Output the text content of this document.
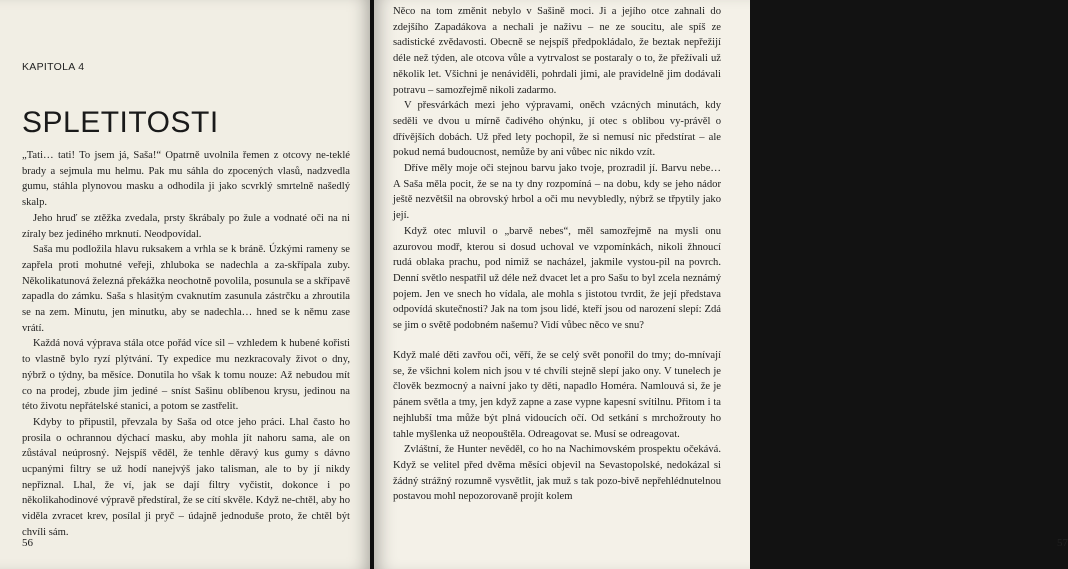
KAPITOLA 4
SPLETITOSTI

„Tati… tati! To jsem já, Saša!“ Opatrně uvolnila řemen z otcovy ne-teklé brady a sejmula mu helmu. Pak mu sáhla do zpocených vlasů, nadzvedla gumu, stáhla plynovou masku a odhodila ji jako scvrklý smrtelně našedlý skalp.

Jeho hruď se ztěžka zvedala, prsty škrábaly po žule a vodnaté oči na ni zíraly bez jediného mrknutí. Neodpovídal.

Saša mu podložila hlavu ruksakem a vrhla se k bráně. Úzkými rameny se zapřela proti mohutné veřeji, zhluboka se nadechla a za-skřípala zuby. Několikatunová železná překážka neochotně povolila, posunula se a skřípavě zapadla do zámku. Saša s hlasitým cvaknutím zasunula zástrčku a zhroutila se na zem. Minutu, jen minutku, aby se nadechla… hned se k němu zase vrátí.

Každá nová výprava stála otce pořád více sil – vzhledem k hubené kořisti to vlastně bylo ryzí plýtvání. Ty expedice mu nezkracovaly život o dny, nýbrž o týdny, ba měsíce. Donutila ho však k tomu nouze: Až nebudou mít co na prodej, zbude jim jediné – sníst Sašinu oblíbenou krysu, jedinou na této životu nepřátelské stanici, a potom se zastřelit.

Kdyby to připustil, převzala by Saša od otce jeho práci. Lhal často ho prosila o ochrannou dýchací masku, aby mohla jít nahoru sama, ale on zůstával neúprosný. Nejspíš věděl, že tenhle děravý kus gumy s dávno ucpanými filtry se už hodí nanejvýš jako talisman, ale to by jí nikdy nepřiznal. Lhal, že ví, jak se dají filtry vyčistit, dokonce i po několikahodinové výpravě předstíral, že se cítí skvěle. Když ne-chtěl, aby ho viděla zvracet krev, posílal ji pryč – údajně jednoduše proto, že chtěl být chvíli sám.

56	57

Něco na tom změnit nebylo v Sašině moci. Ji a jejího otce zahnali do zdejšího Zapadákova a nechali je naživu – ne ze soucitu, ale spíš ze sadistické zvědavosti. Obecně se nejspíš předpokládalo, že beztak nepřežijí déle než týden, ale otcova vůle a vytrvalost se postaraly o to, že přežívali už několik let. Všichni je nenáviděli, pohrdali jimi, ale pravidelně jim dodávali potravu – samozřejmě nikoli zadarmo.

V přesvárkách mezi jeho výpravami, oněch vzácných minutách, kdy seděli ve dvou u mírně čadivého ohýnku, jí otec s oblibou vy-právěl o dřívějších dobách. Už před lety pochopil, že si nemusí nic předstírat – ale pokud nemá budoucnost, nemůže by ani vůbec nic nikdo vzít.

Dříve měly moje oči stejnou barvu jako tvoje, prozradil jí. Barvu nebe… A Saša měla pocit, že se na ty dny rozpomíná – na dobu, kdy se jeho nádor ještě nezvětšil na obrovský hrbol a oči mu nevybledly, nýbrž se třpytily jako její.

Když otec mluvil o „barvě nebes“, měl samozřejmě na mysli onu azurovou modř, kterou si dosud uchoval ve vzpomínkách, nikoli žhnoucí rudá oblaka prachu, pod nimiž se nacházel, jakmile vystou-pil na povrch. Denní světlo nespatřil už déle než dvacet let a pro Sašu to byl zcela neznámý pojem. Jen ve snech ho vídala, ale mohla s jistotou tvrdit, že její představa odpovídá skutečnosti? Jak na tom jsou lidé, kteří jsou od narození slepí: Zdá se jim o světě podobném našemu? Vidí vůbec něco ve snu?

Když malé děti zavřou oči, věří, že se celý svět ponořil do tmy; do-mnívají se, že všichni kolem nich jsou v té chvíli stejně slepí jako ony. V tunelech je člověk bezmocný a naivní jako ty děti, napadlo Homéra. Namlouvá si, že je pánem světla a tmy, jen když zapne a zase vypne kapesní svítilnu. Přitom i ta nejhlubší tma může být plná vidoucích očí. Od setkání s mrchožrouty ho tahle myšlenka už neopouštěla. Odreagovat se. Musí se odreagovat.

Zvláštní, že Hunter nevěděl, co ho na Nachimovském prospektu očekává. Když se velitel před dvěma měsíci objevil na Sevastopolské, nedokázal si žádný strážný rozumně vysvětlit, jak muž s tak pozo-bivě nepřehlédnutelnou postavou mohl nepozorovaně projít kolem
